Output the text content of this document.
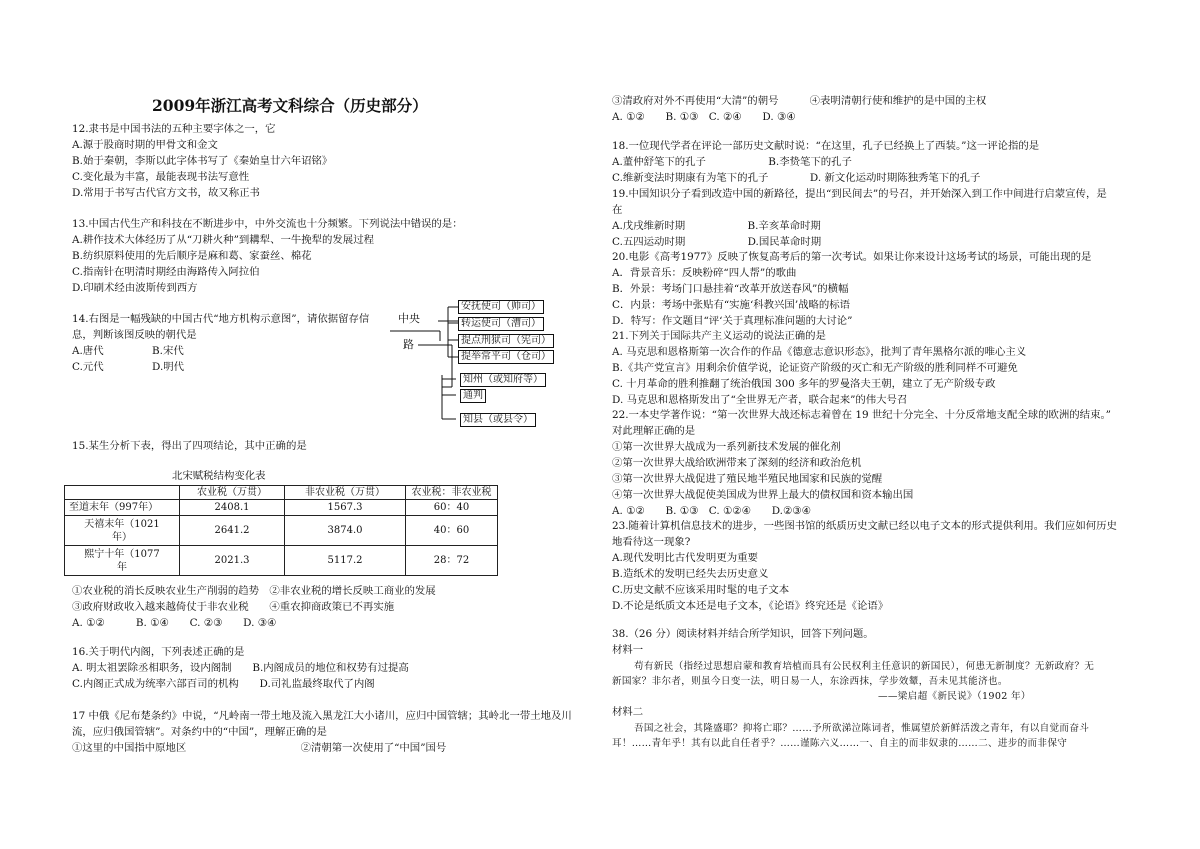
2009年浙江高考文科综合（历史部分）
12.隶书是中国书法的五种主要字体之一，它
A.源于股商时期的甲骨文和金文
B.始于秦朝，李斯以此字体书写了《秦始皇廿六年诏铭》
C.变化最为丰富，最能表现书法写意性
D.常用于书写古代官方文书，故又称正书
13.中国古代生产和科技在不断进步中，中外交流也十分频繁。下列说法中错误的是：
A.耕作技术大体经历了从“刀耕火种”到耩犁、一牛挽犁的发展过程
B.纺织原料使用的先后顺序是麻和葛、家蚕丝、棉花
C.指南针在明清时期经由海路传入阿拉伯
D.印刷术经由波斯传到西方
14.右图是一幅残缺的中国古代“地方机构示意图”，请依据留存信
息，判断该图反映的朝代是
A.唐代	B.宋代
C.元代	D.明代
中央
路
安抚使司（帅司）
转运使司（漕司）
提点刑狱司（宪司）
提举常平司（仓司）
知州（或知府等）
通判
知县（或县令）
15.某生分析下表，得出了四项结论，其中正确的是
北宋赋税结构变化表
	农业税（万贯）	非农业税（万贯）	农业税：非农业税
至道末年（997年）	2408.1	1567.3	60：40
天禧末年（1021
年）	2641.2	3874.0	40：60
熙宁十年（1077
年	2021.3	5117.2	28：72
①农业税的消长反映农业生产削弱的趋势　②非农业税的增长反映工商业的发展
③政府财政收入越来越倚仗于非农业税　　④重农抑商政策已不再实施
A. ①②　　　B. ①④　　C. ②③　　D. ③④
16.关于明代内阁，下列表述正确的是
A. 明太祖罢除丞相职务，设内阁制　　B.内阁成员的地位和权势有过提高
C.内阁正式成为统率六部百司的机构　　D.司礼监最终取代了内阁
17 中俄《尼布楚条约》中说，“凡岭南一带土地及流入黑龙江大小诸川，应归中国管辖；其岭北一带土地及川
流，应归俄国管辖”。对条约中的“中国”，理解正确的是
①这里的中国指中原地区　　　　　　　　　　　②清朝第一次使用了“中国”国号
③清政府对外不再使用“大清”的朝号　　　④表明清朝行使和维护的是中国的主权
A. ①②　　B. ①③　C. ②④　　D. ③④
18.一位现代学者在评论一部历史文献时说：“在这里，孔子已经换上了西装。”这一评论指的是
A.董仲舒笔下的孔子　　　　　　B.李贽笔下的孔子
C.维新变法时期康有为笔下的孔子　　　　D. 新文化运动时期陈独秀笔下的孔子
19.中国知识分子看到改造中国的新路径，提出“到民间去”的号召，并开始深入到工作中间进行启蒙宣传，是
在
A.戊戌维新时期　　　　　　B.辛亥革命时期
C.五四运动时期　　　　　　D.国民革命时期
20.电影《高考1977》反映了恢复高考后的第一次考试。如果让你来设计这场考试的场景，可能出现的是
A．背景音乐：反映粉碎“四人帮”的歌曲
B．外景：考场门口悬挂着“改革开放送春风”的横幅
C．内景：考场中张贴有“实施‘科教兴国’战略的标语
D．特写：作文题目“评‘关于真理标准问题的大讨论”
21.下列关于国际共产主义运动的说法正确的是
A. 马克思和恩格斯第一次合作的作品《德意志意识形态》，批判了青年黑格尔派的唯心主义
B.《共产党宣言》用剩余价值学说，论证资产阶级的灭亡和无产阶级的胜利同样不可避免
C. 十月革命的胜利推翻了统治俄国 300 多年的罗曼洛夫王朝，建立了无产阶级专政
D. 马克思和恩格斯发出了“全世界无产者，联合起来”的伟大号召
22.一本史学著作说：“第一次世界大战还标志着曾在 19 世纪十分完全、十分反常地支配全球的欧洲的结束。”
对此理解正确的是
①第一次世界大战成为一系列新技术发展的催化剂
②第一次世界大战给欧洲带来了深刻的经济和政治危机
③第一次世界大战促进了殖民地半殖民地国家和民族的觉醒
④第一次世界大战促使美国成为世界上最大的债权国和资本输出国
A. ①②　　B. ①③　C. ①②④　　D.②③④
23.随着计算机信息技术的进步，一些图书馆的纸质历史文献已经以电子文本的形式提供利用。我们应如何历史
地看待这一现象?
A.现代发明比古代发明更为重要
B.造纸术的发明已经失去历史意义
C.历史文献不应该采用时髦的电子文本
D.不论是纸质文本还是电子文本，《论语》终究还是《论语》
38.（26 分）阅读材料并结合所学知识，回答下列问题。
材料一
苟有新民（指经过思想启蒙和教育培植而具有公民权利主任意识的新国民），何患无新制度？无新政府？无
新国家？非尔者，则虽今日变一法，明日易一人，东涂西抹，学步效颦，吾未见其能济也。
——梁启超《新民说》（1902 年）
材料二
吾国之社会，其隆盛耶？抑将亡耶？……予所欲涕泣陈词者，惟属望於新鲜活泼之青年，有以自觉而奋斗
耳！……青年乎！其有以此自任者乎？……谨陈六义……一、自主的而非奴隶的……二、进步的而非保守
